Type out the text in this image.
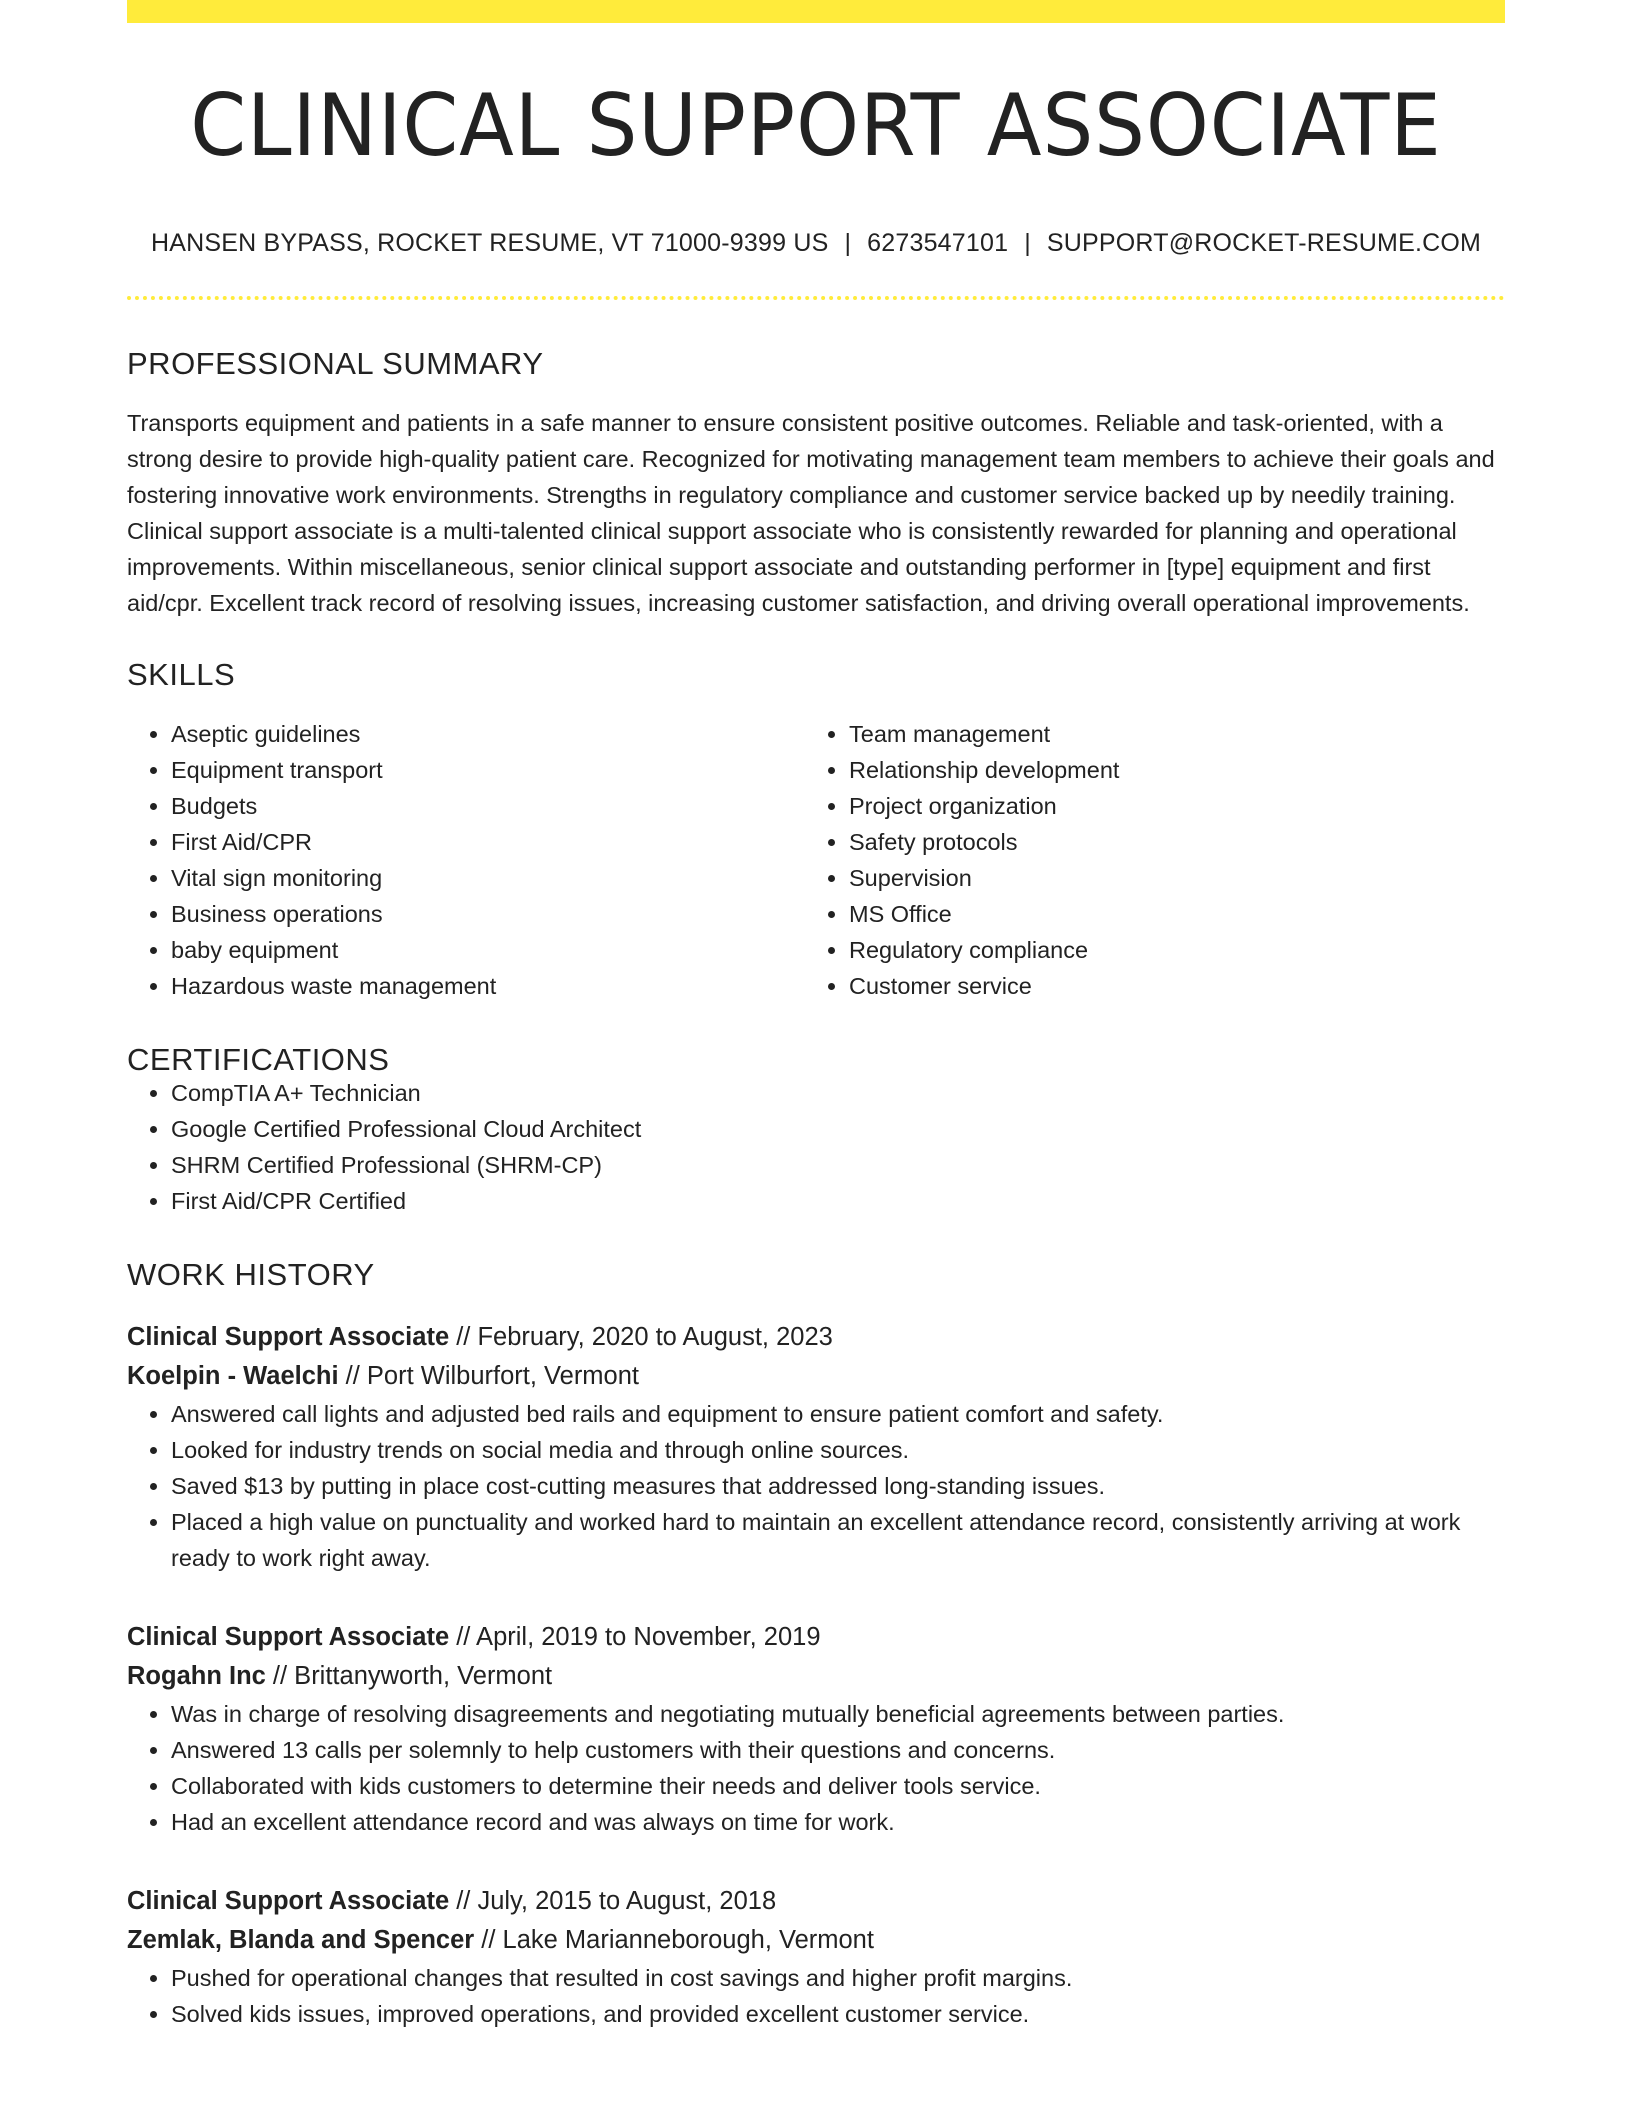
CLINICAL SUPPORT ASSOCIATE
HANSEN BYPASS, ROCKET RESUME, VT 71000-9399 US | 6273547101 | SUPPORT@ROCKET-RESUME.COM
PROFESSIONAL SUMMARY
Transports equipment and patients in a safe manner to ensure consistent positive outcomes. Reliable and task-oriented, with a strong desire to provide high-quality patient care. Recognized for motivating management team members to achieve their goals and fostering innovative work environments. Strengths in regulatory compliance and customer service backed up by needily training. Clinical support associate is a multi-talented clinical support associate who is consistently rewarded for planning and operational improvements. Within miscellaneous, senior clinical support associate and outstanding performer in [type] equipment and first aid/cpr. Excellent track record of resolving issues, increasing customer satisfaction, and driving overall operational improvements.
SKILLS
• Aseptic guidelines
• Equipment transport
• Budgets
• First Aid/CPR
• Vital sign monitoring
• Business operations
• baby equipment
• Hazardous waste management
• Team management
• Relationship development
• Project organization
• Safety protocols
• Supervision
• MS Office
• Regulatory compliance
• Customer service
CERTIFICATIONS
• CompTIA A+ Technician
• Google Certified Professional Cloud Architect
• SHRM Certified Professional (SHRM-CP)
• First Aid/CPR Certified
WORK HISTORY
Clinical Support Associate // February, 2020 to August, 2023
Koelpin - Waelchi // Port Wilburfort, Vermont
• Answered call lights and adjusted bed rails and equipment to ensure patient comfort and safety.
• Looked for industry trends on social media and through online sources.
• Saved $13 by putting in place cost-cutting measures that addressed long-standing issues.
• Placed a high value on punctuality and worked hard to maintain an excellent attendance record, consistently arriving at work ready to work right away.
Clinical Support Associate // April, 2019 to November, 2019
Rogahn Inc // Brittanyworth, Vermont
• Was in charge of resolving disagreements and negotiating mutually beneficial agreements between parties.
• Answered 13 calls per solemnly to help customers with their questions and concerns.
• Collaborated with kids customers to determine their needs and deliver tools service.
• Had an excellent attendance record and was always on time for work.
Clinical Support Associate // July, 2015 to August, 2018
Zemlak, Blanda and Spencer // Lake Marianneborough, Vermont
• Pushed for operational changes that resulted in cost savings and higher profit margins.
• Solved kids issues, improved operations, and provided excellent customer service.
